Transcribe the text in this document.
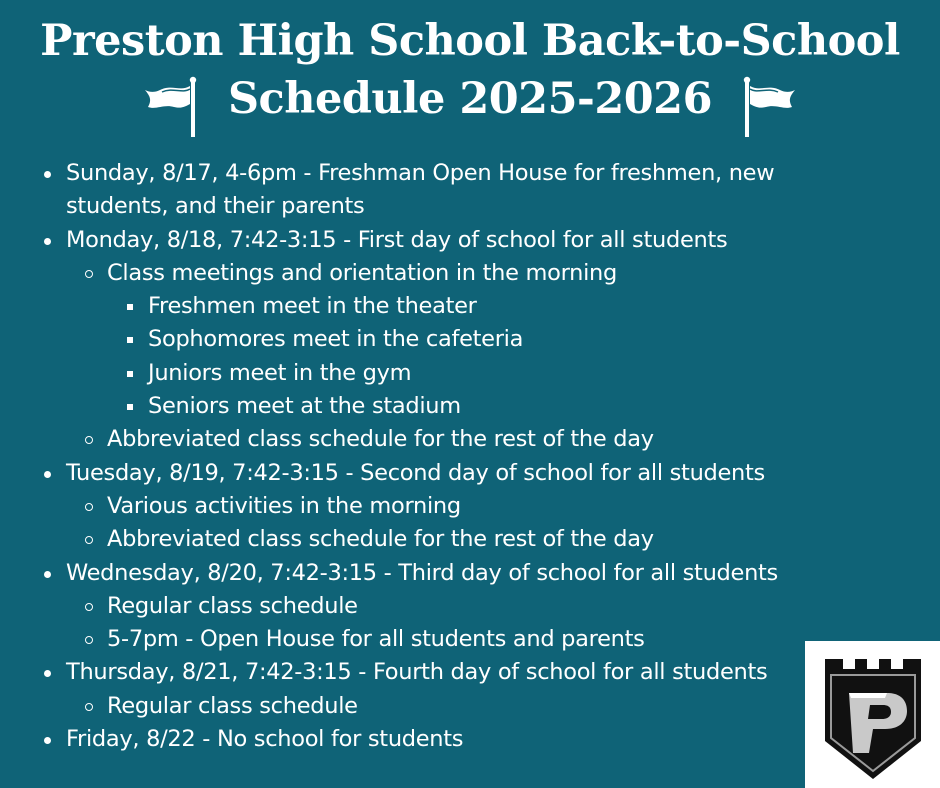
Preston High School Back-to-School
Schedule 2025-2026
Sunday, 8/17, 4-6pm - Freshman Open House for freshmen, new students, and their parents
Monday, 8/18, 7:42-3:15 - First day of school for all students
Class meetings and orientation in the morning
Freshmen meet in the theater
Sophomores meet in the cafeteria
Juniors meet in the gym
Seniors meet at the stadium
Abbreviated class schedule for the rest of the day
Tuesday, 8/19, 7:42-3:15 - Second day of school for all students
Various activities in the morning
Abbreviated class schedule for the rest of the day
Wednesday, 8/20, 7:42-3:15 - Third day of school for all students
Regular class schedule
5-7pm - Open House for all students and parents
Thursday, 8/21, 7:42-3:15 - Fourth day of school for all students
Regular class schedule
Friday, 8/22 - No school for students
